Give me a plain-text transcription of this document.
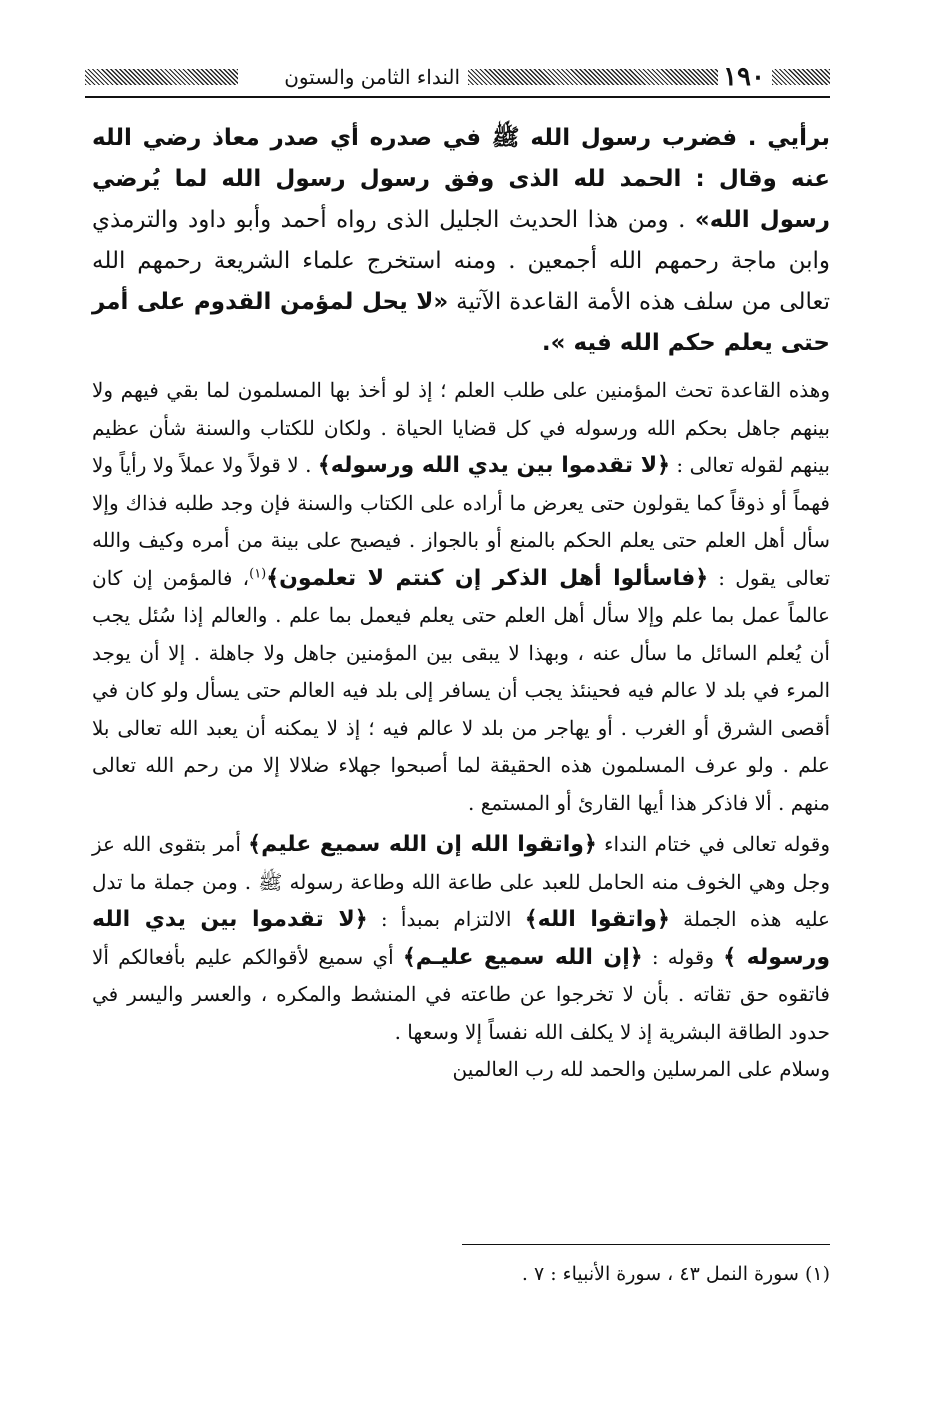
١٩٠
النداء الثامن والستون

برأيي . فضرب رسول الله ﷺ في صدره أي صدر معاذ رضي الله عنه وقال : الحمد لله الذى وفق رسول رسول الله لما يُرضي رسول الله» . ومن هذا الحديث الجليل الذى رواه أحمد وأبو داود والترمذي وابن ماجة رحمهم الله أجمعين . ومنه استخرج علماء الشريعة رحمهم الله تعالى من سلف هذه الأمة القاعدة الآتية «لا يحل لمؤمن القدوم على أمر حتى يعلم حكم الله فيه ».

وهذه القاعدة تحث المؤمنين على طلب العلم ؛ إذ لو أخذ بها المسلمون لما بقي فيهم ولا بينهم جاهل بحكم الله ورسوله في كل قضايا الحياة . ولكان للكتاب والسنة شأن عظيم بينهم لقوله تعالى : ﴿لا تقدموا بين يدي الله ورسوله﴾ . لا قولاً ولا عملاً ولا رأياً ولا فهماً أو ذوقاً كما يقولون حتى يعرض ما أراده على الكتاب والسنة فإن وجد طلبه فذاك وإلا سأل أهل العلم حتى يعلم الحكم بالمنع أو بالجواز . فيصبح على بينة من أمره وكيف والله تعالى يقول : ﴿فاسألوا أهل الذكر إن كنتم لا تعلمون﴾$^{(١)}$، فالمؤمن إن كان عالماً عمل بما علم وإلا سأل أهل العلم حتى يعلم فيعمل بما علم . والعالم إذا سُئل يجب أن يُعلم السائل ما سأل عنه ، وبهذا لا يبقى بين المؤمنين جاهل ولا جاهلة . إلا أن يوجد المرء في بلد لا عالم فيه فحينئذ يجب أن يسافر إلى بلد فيه العالم حتى يسأل ولو كان في أقصى الشرق أو الغرب . أو يهاجر من بلد لا عالم فيه ؛ إذ لا يمكنه أن يعبد الله تعالى بلا علم . ولو عرف المسلمون هذه الحقيقة لما أصبحوا جهلاء ضلالا إلا من رحم الله تعالى منهم . ألا فاذكر هذا أيها القارئ أو المستمع .

وقوله تعالى في ختام النداء ﴿واتقوا الله إن الله سميع عليم﴾ أمر بتقوى الله عز وجل وهي الخوف منه الحامل للعبد على طاعة الله وطاعة رسوله ﷺ . ومن جملة ما تدل عليه هذه الجملة ﴿واتقوا الله﴾ الالتزام بمبدأ : ﴿لا تقدموا بين يدي الله ورسوله ﴾ وقوله : ﴿إن الله سميع عليـم﴾ أي سميع لأقوالكم عليم بأفعالكم ألا فاتقوه حق تقاته . بأن لا تخرجوا عن طاعته في المنشط والمكره ، والعسر واليسر في حدود الطاقة البشرية إذ لا يكلف الله نفساً إلا وسعها .

وسلام على المرسلين والحمد لله رب العالمين

(١) سورة النمل ٤٣ ، سورة الأنبياء : ٧ .
